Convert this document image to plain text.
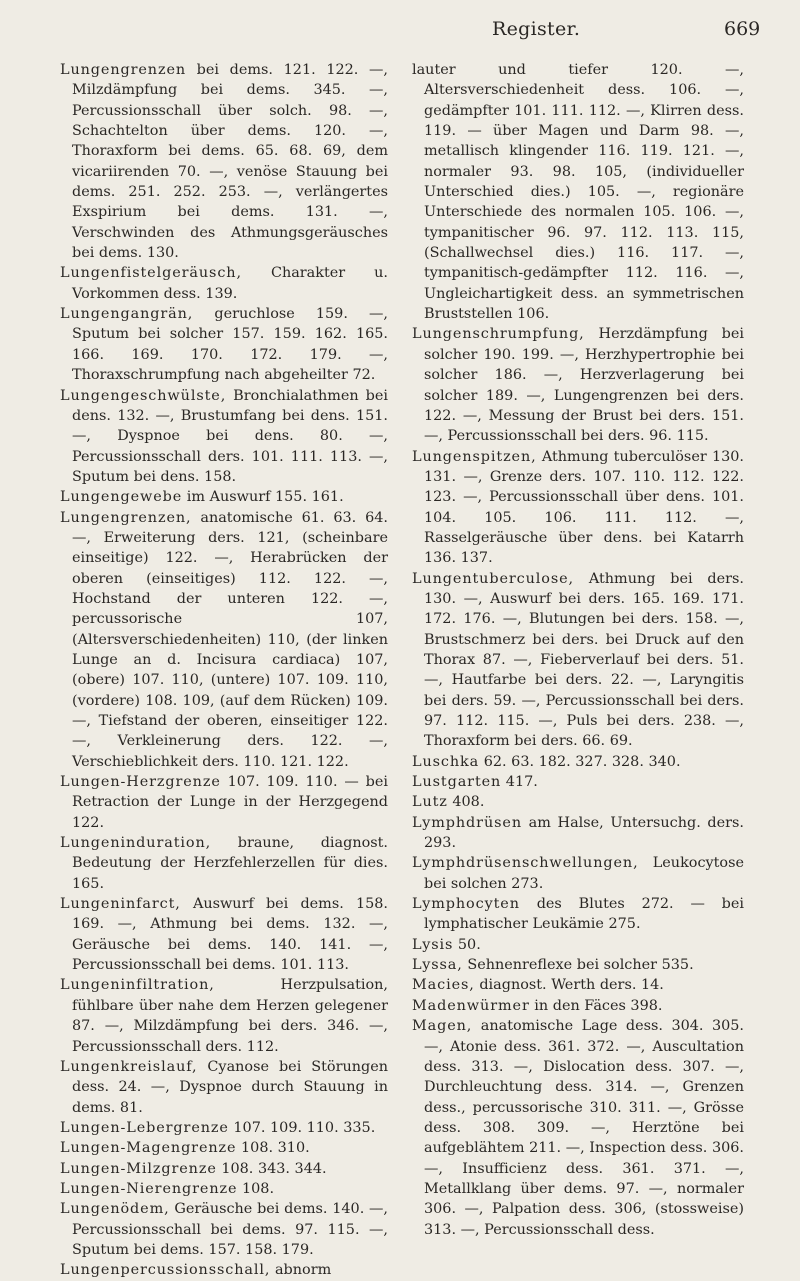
Register.	669

Lungengrenzen bei dems. 121. 122. —, Milzdämpfung bei dems. 345. —, Percussionsschall über solch. 98. —, Schachtelton über dems. 120. —, Thoraxform bei dems. 65. 68. 69, dem vicariirenden 70. —, venöse Stauung bei dems. 251. 252. 253. —, verlängertes Exspirium bei dems. 131. —, Verschwinden des Athmungsgeräusches bei dems. 130.

Lungenfistelgeräusch, Charakter u. Vorkommen dess. 139.

Lungengangrän, geruchlose 159. —, Sputum bei solcher 157. 159. 162. 165. 166. 169. 170. 172. 179. —, Thoraxschrumpfung nach abgeheilter 72.

Lungengeschwülste, Bronchialathmen bei dens. 132. —, Brustumfang bei dens. 151. —, Dyspnoe bei dens. 80. —, Percussionsschall ders. 101. 111. 113. —, Sputum bei dens. 158.

Lungengewebe im Auswurf 155. 161.

Lungengrenzen, anatomische 61. 63. 64. —, Erweiterung ders. 121, (scheinbare einseitige) 122. —, Herabrücken der oberen (einseitiges) 112. 122. —, Hochstand der unteren 122. —, percussorische 107, (Altersverschiedenheiten) 110, (der linken Lunge an d. Incisura cardiaca) 107, (obere) 107. 110, (untere) 107. 109. 110, (vordere) 108. 109, (auf dem Rücken) 109. —, Tiefstand der oberen, einseitiger 122. —, Verkleinerung ders. 122. —, Verschieblichkeit ders. 110. 121. 122.

Lungen-Herzgrenze 107. 109. 110. — bei Retraction der Lunge in der Herzgegend 122.

Lungeninduration, braune, diagnost. Bedeutung der Herzfehlerzellen für dies. 165.

Lungeninfarct, Auswurf bei dems. 158. 169. —, Athmung bei dems. 132. —, Geräusche bei dems. 140. 141. —, Percussionsschall bei dems. 101. 113.

Lungeninfiltration, Herzpulsation, fühlbare über nahe dem Herzen gelegener 87. —, Milzdämpfung bei ders. 346. —, Percussionsschall ders. 112.

Lungenkreislauf, Cyanose bei Störungen dess. 24. —, Dyspnoe durch Stauung in dems. 81.

Lungen-Lebergrenze 107. 109. 110. 335.

Lungen-Magengrenze 108. 310.

Lungen-Milzgrenze 108. 343. 344.

Lungen-Nierengrenze 108.

Lungenödem, Geräusche bei dems. 140. —, Percussionsschall bei dems. 97. 115. —, Sputum bei dems. 157. 158. 179.

Lungenpercussionsschall, abnorm

lauter und tiefer 120. —, Altersverschiedenheit dess. 106. —, gedämpfter 101. 111. 112. —, Klirren dess. 119. — über Magen und Darm 98. —, metallisch klingender 116. 119. 121. —, normaler 93. 98. 105, (individueller Unterschied dies.) 105. —, regionäre Unterschiede des normalen 105. 106. —, tympanitischer 96. 97. 112. 113. 115, (Schallwechsel dies.) 116. 117. —, tympanitisch-gedämpfter 112. 116. —, Ungleichartigkeit dess. an symmetrischen Bruststellen 106.

Lungenschrumpfung, Herzdämpfung bei solcher 190. 199. —, Herzhypertrophie bei solcher 186. —, Herzverlagerung bei solcher 189. —, Lungengrenzen bei ders. 122. —, Messung der Brust bei ders. 151. —, Percussionsschall bei ders. 96. 115.

Lungenspitzen, Athmung tuberculöser 130. 131. —, Grenze ders. 107. 110. 112. 122. 123. —, Percussionsschall über dens. 101. 104. 105. 106. 111. 112. —, Rasselgeräusche über dens. bei Katarrh 136. 137.

Lungentuberculose, Athmung bei ders. 130. —, Auswurf bei ders. 165. 169. 171. 172. 176. —, Blutungen bei ders. 158. —, Brustschmerz bei ders. bei Druck auf den Thorax 87. —, Fieberverlauf bei ders. 51. —, Hautfarbe bei ders. 22. —, Laryngitis bei ders. 59. —, Percussionsschall bei ders. 97. 112. 115. —, Puls bei ders. 238. —, Thoraxform bei ders. 66. 69.

Luschka 62. 63. 182. 327. 328. 340.

Lustgarten 417.

Lutz 408.

Lymphdrüsen am Halse, Untersuchg. ders. 293.

Lymphdrüsenschwellungen, Leukocytose bei solchen 273.

Lymphocyten des Blutes 272. — bei lymphatischer Leukämie 275.

Lysis 50.

Lyssa, Sehnenreflexe bei solcher 535.

Macies, diagnost. Werth ders. 14.

Madenwürmer in den Fäces 398.

Magen, anatomische Lage dess. 304. 305. —, Atonie dess. 361. 372. —, Auscultation dess. 313. —, Dislocation dess. 307. —, Durchleuchtung dess. 314. —, Grenzen dess., percussorische 310. 311. —, Grösse dess. 308. 309. —, Herztöne bei aufgeblähtem 211. —, Inspection dess. 306. —, Insufficienz dess. 361. 371. —, Metallklang über dems. 97. —, normaler 306. —, Palpation dess. 306, (stossweise) 313. —, Percussionsschall dess.
